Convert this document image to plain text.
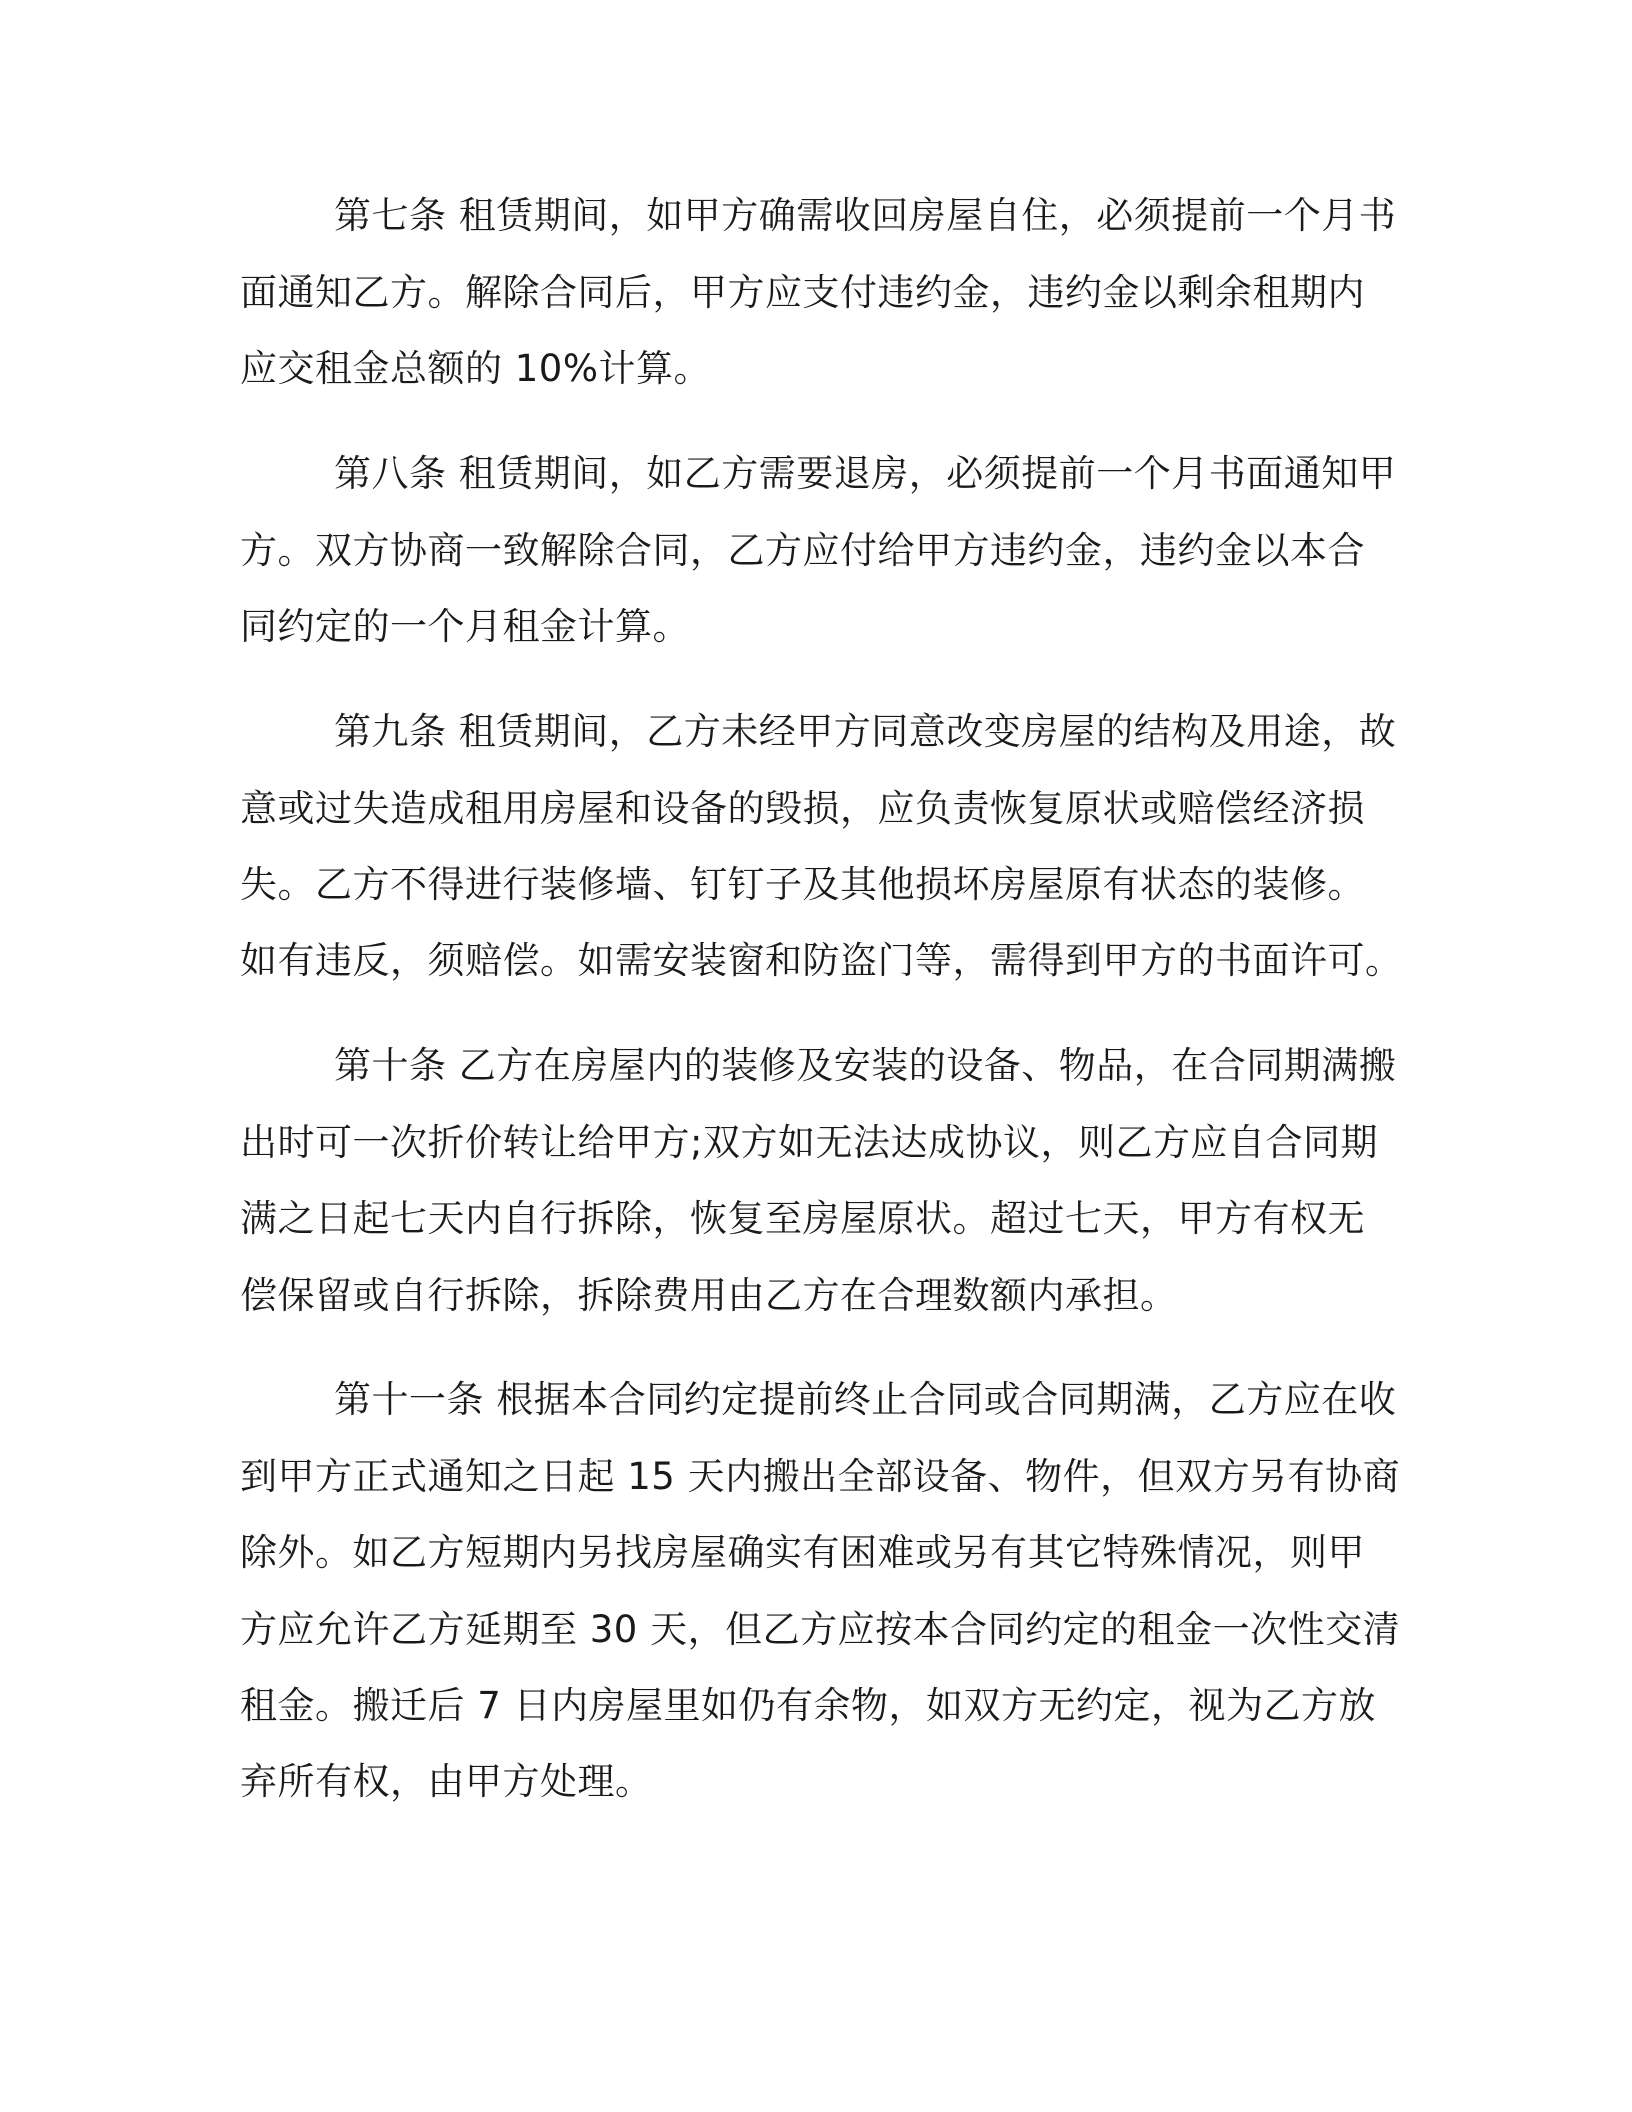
第七条 租赁期间，如甲方确需收回房屋自住，必须提前一个月书

面通知乙方。解除合同后，甲方应支付违约金，违约金以剩余租期内

应交租金总额的 10%计算。

第八条 租赁期间，如乙方需要退房，必须提前一个月书面通知甲

方。双方协商一致解除合同，乙方应付给甲方违约金，违约金以本合

同约定的一个月租金计算。

第九条 租赁期间，乙方未经甲方同意改变房屋的结构及用途，故

意或过失造成租用房屋和设备的毁损，应负责恢复原状或赔偿经济损

失。乙方不得进行装修墙、钉钉子及其他损坏房屋原有状态的装修。

如有违反，须赔偿。如需安装窗和防盗门等，需得到甲方的书面许可。

第十条 乙方在房屋内的装修及安装的设备、物品，在合同期满搬

出时可一次折价转让给甲方;双方如无法达成协议，则乙方应自合同期

满之日起七天内自行拆除，恢复至房屋原状。超过七天，甲方有权无

偿保留或自行拆除，拆除费用由乙方在合理数额内承担。

第十一条 根据本合同约定提前终止合同或合同期满，乙方应在收

到甲方正式通知之日起 15 天内搬出全部设备、物件，但双方另有协商

除外。如乙方短期内另找房屋确实有困难或另有其它特殊情况，则甲

方应允许乙方延期至 30 天，但乙方应按本合同约定的租金一次性交清

租金。搬迁后 7 日内房屋里如仍有余物，如双方无约定，视为乙方放

弃所有权，由甲方处理。
